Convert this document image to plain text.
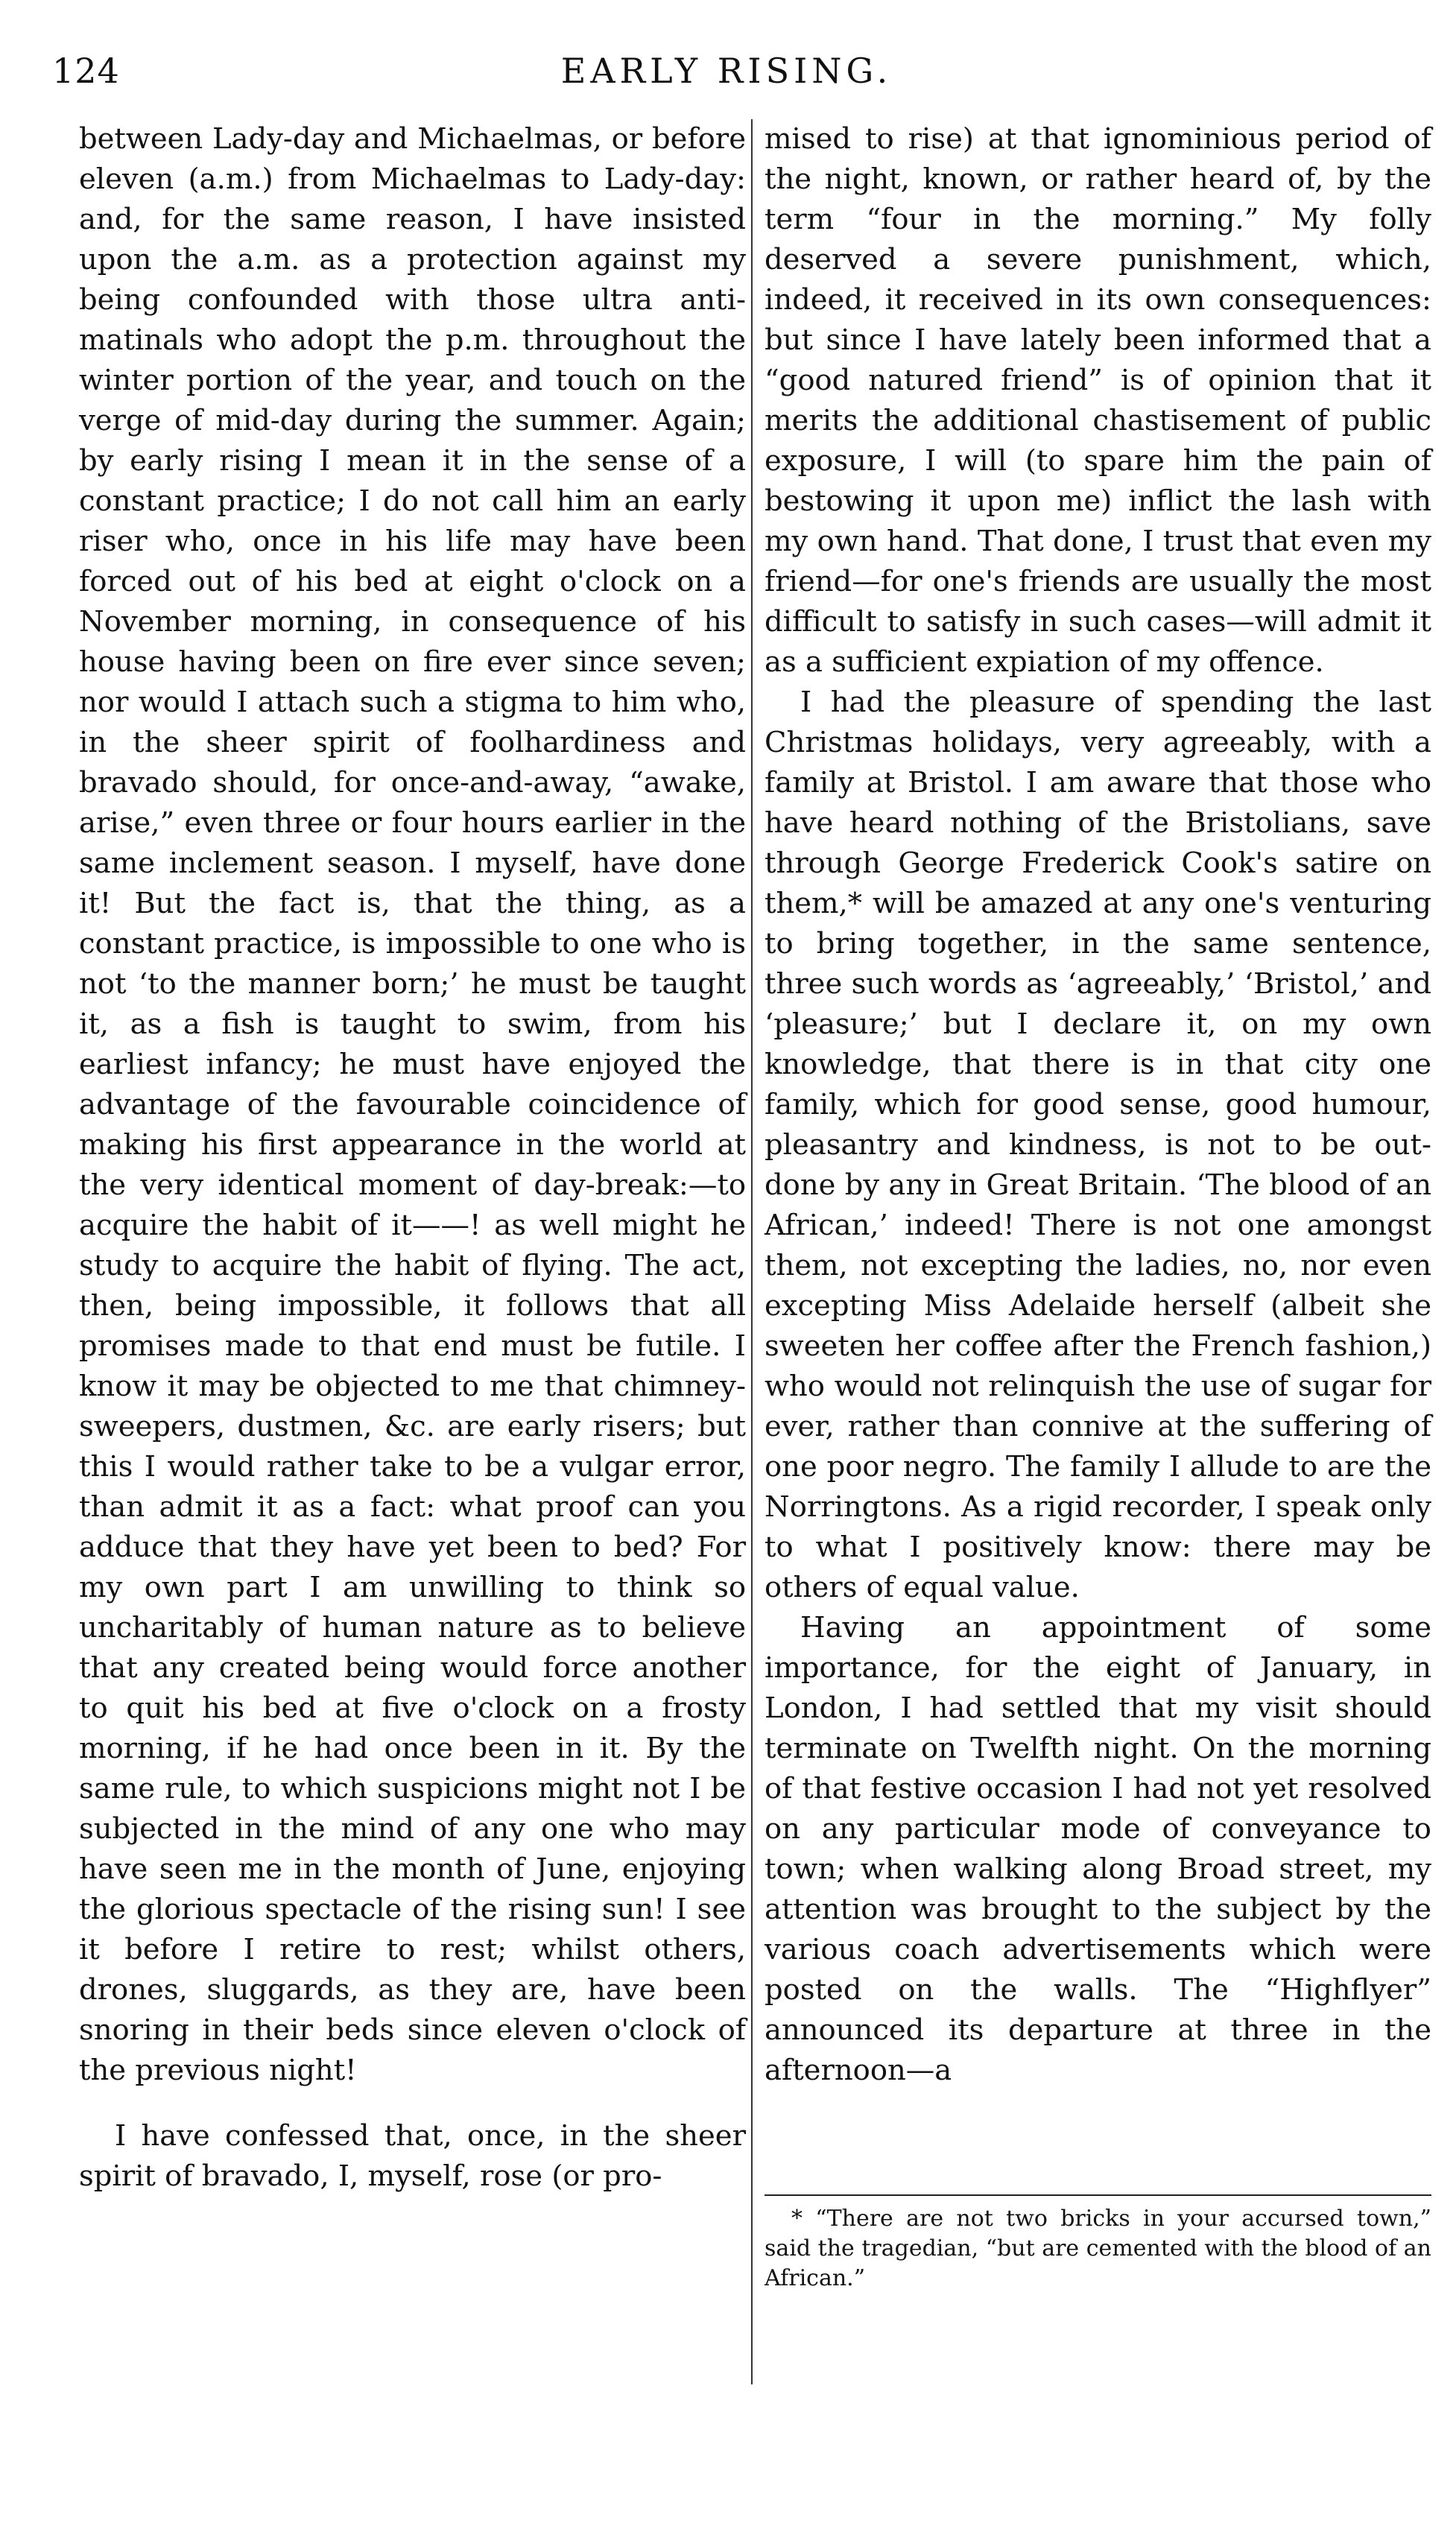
124	EARLY RISING.

between Lady-day and Michaelmas, or before eleven (a.m.) from Michaelmas to Lady-day: and, for the same reason, I have insisted upon the a.m. as a protection against my being confounded with those ultra anti-matinals who adopt the p.m. throughout the winter portion of the year, and touch on the verge of mid-day during the summer. Again; by early rising I mean it in the sense of a constant practice; I do not call him an early riser who, once in his life may have been forced out of his bed at eight o'clock on a November morning, in consequence of his house having been on fire ever since seven; nor would I attach such a stigma to him who, in the sheer spirit of foolhardiness and bravado should, for once-and-away, “awake, arise,” even three or four hours earlier in the same inclement season. I myself, have done it! But the fact is, that the thing, as a constant practice, is impossible to one who is not ‘to the manner born;’ he must be taught it, as a fish is taught to swim, from his earliest infancy; he must have enjoyed the advantage of the favourable coincidence of making his first appearance in the world at the very identical moment of day-break:—to acquire the habit of it——! as well might he study to acquire the habit of flying. The act, then, being impossible, it follows that all promises made to that end must be futile. I know it may be objected to me that chimney-sweepers, dustmen, &c. are early risers; but this I would rather take to be a vulgar error, than admit it as a fact: what proof can you adduce that they have yet been to bed? For my own part I am unwilling to think so uncharitably of human nature as to believe that any created being would force another to quit his bed at five o'clock on a frosty morning, if he had once been in it. By the same rule, to which suspicions might not I be subjected in the mind of any one who may have seen me in the month of June, enjoying the glorious spectacle of the rising sun! I see it before I retire to rest; whilst others, drones, sluggards, as they are, have been snoring in their beds since eleven o'clock of the previous night!

I have confessed that, once, in the sheer spirit of bravado, I, myself, rose (or pro-

mised to rise) at that ignominious period of the night, known, or rather heard of, by the term “four in the morning.” My folly deserved a severe punishment, which, indeed, it received in its own consequences: but since I have lately been informed that a “good natured friend” is of opinion that it merits the additional chastisement of public exposure, I will (to spare him the pain of bestowing it upon me) inflict the lash with my own hand. That done, I trust that even my friend—for one's friends are usually the most difficult to satisfy in such cases—will admit it as a sufficient expiation of my offence.

I had the pleasure of spending the last Christmas holidays, very agreeably, with a family at Bristol. I am aware that those who have heard nothing of the Bristolians, save through George Frederick Cook's satire on them,* will be amazed at any one's venturing to bring together, in the same sentence, three such words as ‘agreeably,’ ‘Bristol,’ and ‘pleasure;’ but I declare it, on my own knowledge, that there is in that city one family, which for good sense, good humour, pleasantry and kindness, is not to be out-done by any in Great Britain. ‘The blood of an African,’ indeed! There is not one amongst them, not excepting the ladies, no, nor even excepting Miss Adelaide herself (albeit she sweeten her coffee after the French fashion,) who would not relinquish the use of sugar for ever, rather than connive at the suffering of one poor negro. The family I allude to are the Norringtons. As a rigid recorder, I speak only to what I positively know: there may be others of equal value.

Having an appointment of some importance, for the eight of January, in London, I had settled that my visit should terminate on Twelfth night. On the morning of that festive occasion I had not yet resolved on any particular mode of conveyance to town; when walking along Broad street, my attention was brought to the subject by the various coach advertisements which were posted on the walls. The “Highflyer” announced its departure at three in the afternoon—a

* “There are not two bricks in your accursed town,” said the tragedian, “but are cemented with the blood of an African.”
